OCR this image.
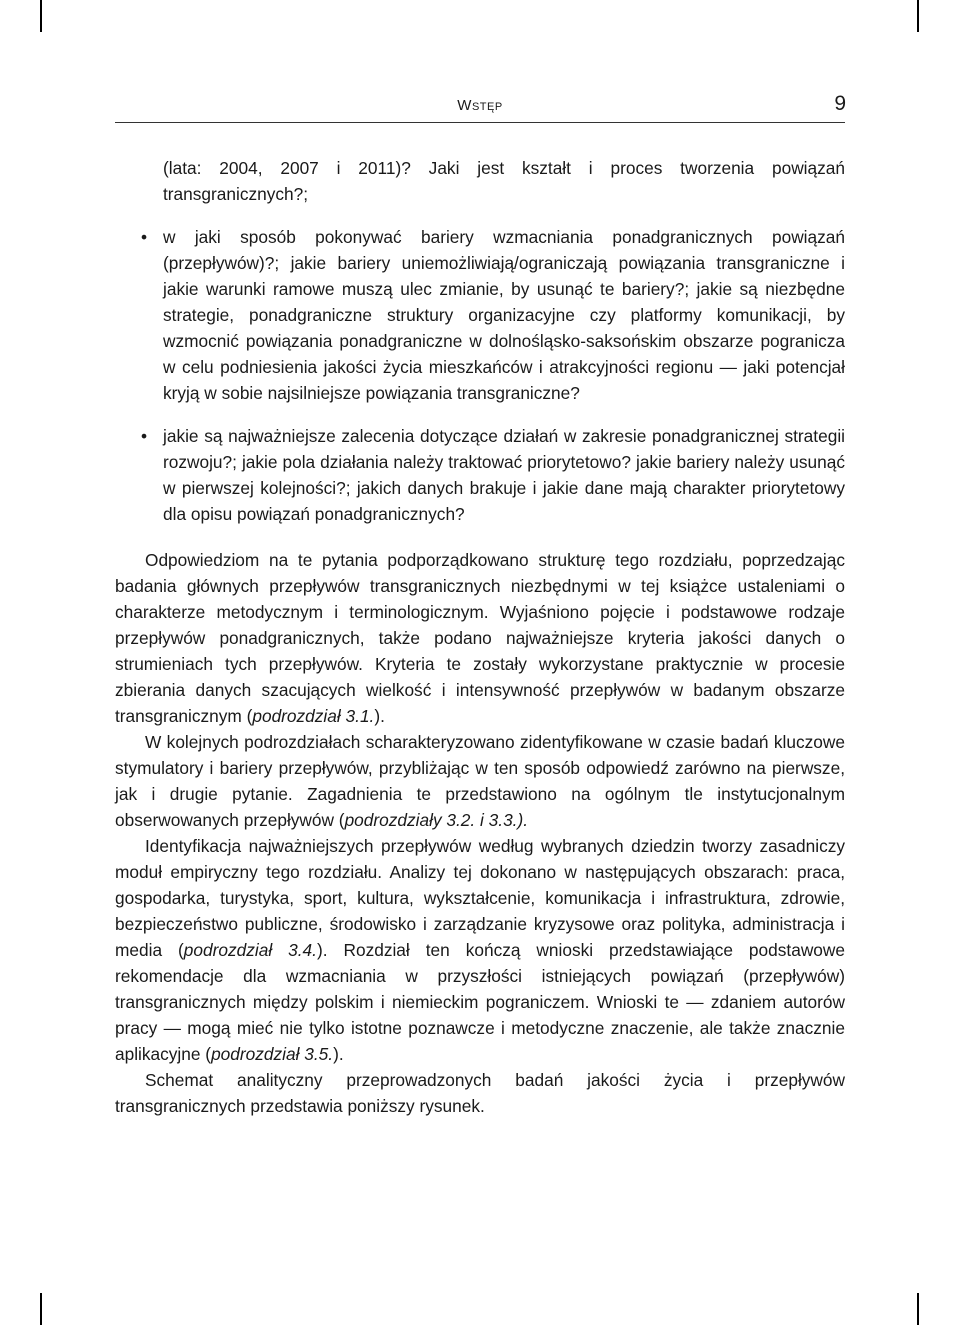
Wstęp	9

(lata: 2004, 2007 i 2011)? Jaki jest kształt i proces tworzenia powiązań transgranicznych?;

• w jaki sposób pokonywać bariery wzmacniania ponadgranicznych powiązań (przepływów)?; jakie bariery uniemożliwiają/ograniczają powiązania transgraniczne i jakie warunki ramowe muszą ulec zmianie, by usunąć te bariery?; jakie są niezbędne strategie, ponadgraniczne struktury organizacyjne czy platformy komunikacji, by wzmocnić powiązania ponadgraniczne w dolnośląsko-saksońskim obszarze pogranicza w celu podniesienia jakości życia mieszkańców i atrakcyjności regionu — jaki potencjał kryją w sobie najsilniejsze powiązania transgraniczne?

• jakie są najważniejsze zalecenia dotyczące działań w zakresie ponadgranicznej strategii rozwoju?; jakie pola działania należy traktować priorytetowo? jakie bariery należy usunąć w pierwszej kolejności?; jakich danych brakuje i jakie dane mają charakter priorytetowy dla opisu powiązań ponadgranicznych?

Odpowiedziom na te pytania podporządkowano strukturę tego rozdziału, poprzedzając badania głównych przepływów transgranicznych niezbędnymi w tej książce ustaleniami o charakterze metodycznym i terminologicznym. Wyjaśniono pojęcie i podstawowe rodzaje przepływów ponadgranicznych, także podano najważniejsze kryteria jakości danych o strumieniach tych przepływów. Kryteria te zostały wykorzystane praktycznie w procesie zbierania danych szacujących wielkość i intensywność przepływów w badanym obszarze transgranicznym (podrozdział 3.1.).

W kolejnych podrozdziałach scharakteryzowano zidentyfikowane w czasie badań kluczowe stymulatory i bariery przepływów, przybliżając w ten sposób odpowiedź zarówno na pierwsze, jak i drugie pytanie. Zagadnienia te przedstawiono na ogólnym tle instytucjonalnym obserwowanych przepływów (podrozdziały 3.2. i 3.3.).

Identyfikacja najważniejszych przepływów według wybranych dziedzin tworzy zasadniczy moduł empiryczny tego rozdziału. Analizy tej dokonano w następujących obszarach: praca, gospodarka, turystyka, sport, kultura, wykształcenie, komunikacja i infrastruktura, zdrowie, bezpieczeństwo publiczne, środowisko i zarządzanie kryzysowe oraz polityka, administracja i media (podrozdział 3.4.). Rozdział ten kończą wnioski przedstawiające podstawowe rekomendacje dla wzmacniania w przyszłości istniejących powiązań (przepływów) transgranicznych między polskim i niemieckim pograniczem. Wnioski te — zdaniem autorów pracy — mogą mieć nie tylko istotne poznawcze i metodyczne znaczenie, ale także znacznie aplikacyjne (podrozdział 3.5.).

Schemat analityczny przeprowadzonych badań jakości życia i przepływów transgranicznych przedstawia poniższy rysunek.
